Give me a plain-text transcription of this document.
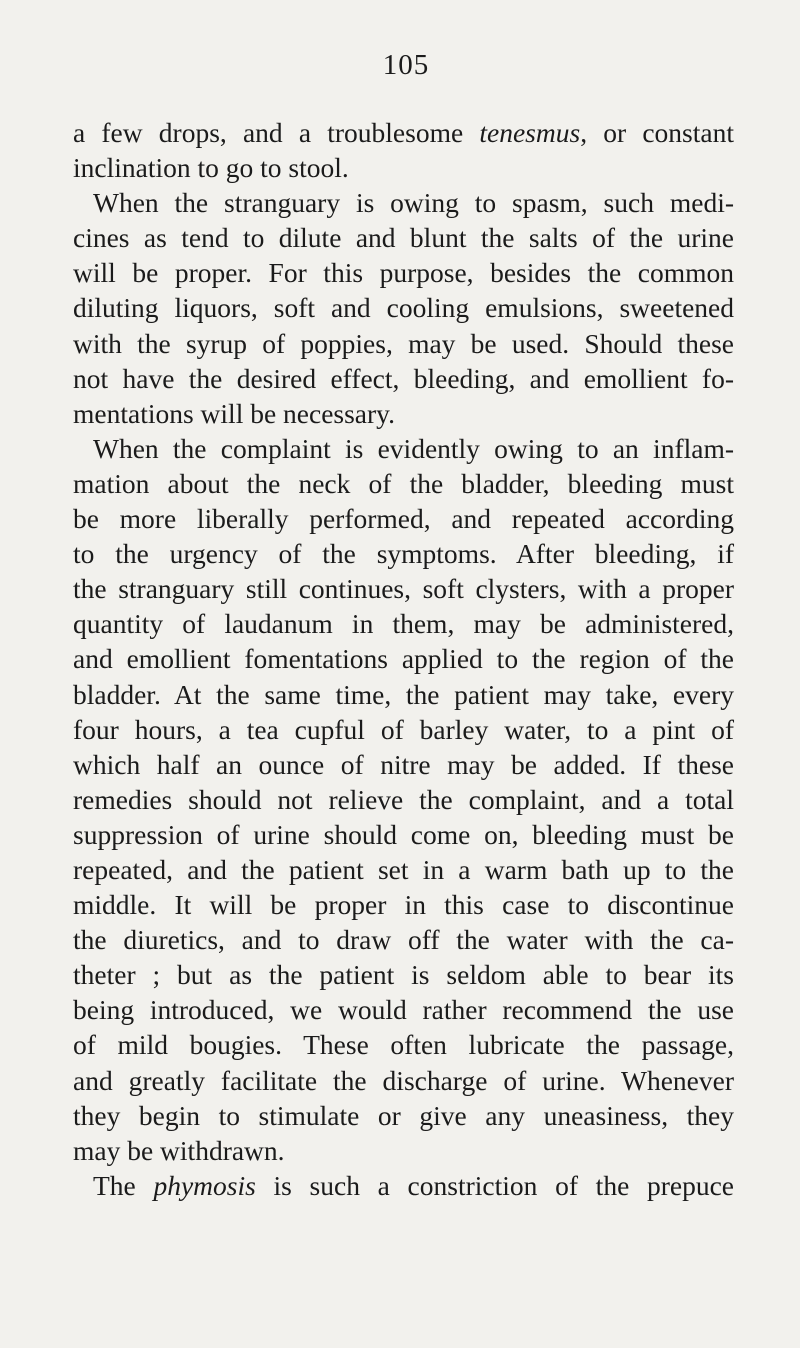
105

a few drops, and a troublesome tenesmus, or constant
inclination to go to stool.

When the stranguary is owing to spasm, such medi-
cines as tend to dilute and blunt the salts of the urine
will be proper. For this purpose, besides the common
diluting liquors, soft and cooling emulsions, sweetened
with the syrup of poppies, may be used. Should these
not have the desired effect, bleeding, and emollient fo-
mentations will be necessary.

When the complaint is evidently owing to an inflam-
mation about the neck of the bladder, bleeding must
be more liberally performed, and repeated according
to the urgency of the symptoms. After bleeding, if
the stranguary still continues, soft clysters, with a proper
quantity of laudanum in them, may be administered,
and emollient fomentations applied to the region of the
bladder. At the same time, the patient may take, every
four hours, a tea cupful of barley water, to a pint of
which half an ounce of nitre may be added. If these
remedies should not relieve the complaint, and a total
suppression of urine should come on, bleeding must be
repeated, and the patient set in a warm bath up to the
middle. It will be proper in this case to discontinue
the diuretics, and to draw off the water with the ca-
theter ; but as the patient is seldom able to bear its
being introduced, we would rather recommend the use
of mild bougies. These often lubricate the passage,
and greatly facilitate the discharge of urine. Whenever
they begin to stimulate or give any uneasiness, they
may be withdrawn.

The phymosis is such a constriction of the prepuce
